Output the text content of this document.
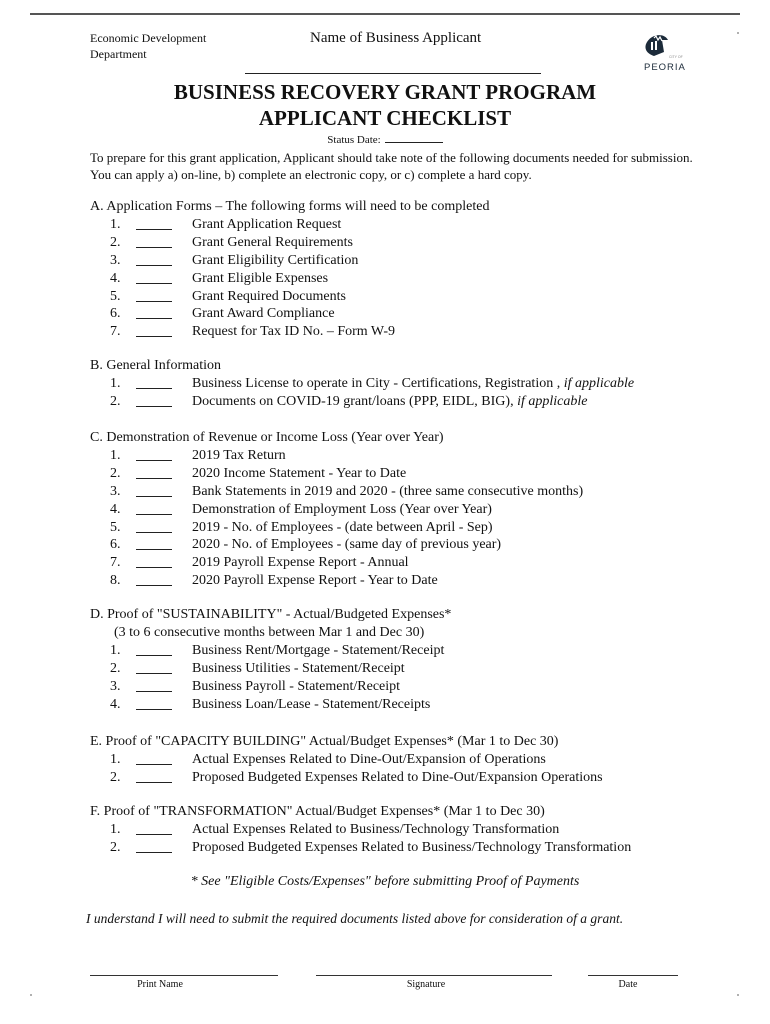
Economic Development Department
Name of Business Applicant
CITY OF
PEORIA
BUSINESS RECOVERY GRANT PROGRAM
APPLICANT CHECKLIST
Status Date:
To prepare for this grant application, Applicant should take note of the following documents needed for submission. You can apply a) on-line, b) complete an electronic copy, or c) complete a hard copy.
A. Application Forms – The following forms will need to be completed
1.	Grant Application Request
2.	Grant General Requirements
3.	Grant Eligibility Certification
4.	Grant Eligible Expenses
5.	Grant Required Documents
6.	Grant Award Compliance
7.	Request for Tax ID No. – Form W-9
B. General Information
1.	Business License to operate in City - Certifications, Registration , if applicable
2.	Documents on COVID-19 grant/loans (PPP, EIDL, BIG), if applicable
C. Demonstration of Revenue or Income Loss (Year over Year)
1.	2019 Tax Return
2.	2020 Income Statement - Year to Date
3.	Bank Statements in 2019 and 2020 - (three same consecutive months)
4.	Demonstration of Employment Loss (Year over Year)
5.	2019 - No. of Employees - (date between April - Sep)
6.	2020 - No. of Employees - (same day of previous year)
7.	2019 Payroll Expense Report - Annual
8.	2020 Payroll Expense Report - Year to Date
D. Proof of "SUSTAINABILITY" - Actual/Budgeted Expenses*
(3 to 6 consecutive months between Mar 1 and Dec 30)
1.	Business Rent/Mortgage - Statement/Receipt
2.	Business Utilities - Statement/Receipt
3.	Business Payroll - Statement/Receipt
4.	Business Loan/Lease - Statement/Receipts
E. Proof of "CAPACITY BUILDING" Actual/Budget Expenses* (Mar 1 to Dec 30)
1.	Actual Expenses Related to Dine-Out/Expansion of Operations
2.	Proposed Budgeted Expenses Related to Dine-Out/Expansion Operations
F. Proof of "TRANSFORMATION" Actual/Budget Expenses* (Mar 1 to Dec 30)
1.	Actual Expenses Related to Business/Technology Transformation
2.	Proposed Budgeted Expenses Related to Business/Technology Transformation
* See "Eligible Costs/Expenses" before submitting Proof of Payments
I understand I will need to submit the required documents listed above for consideration of a grant.
Print Name	Signature	Date
